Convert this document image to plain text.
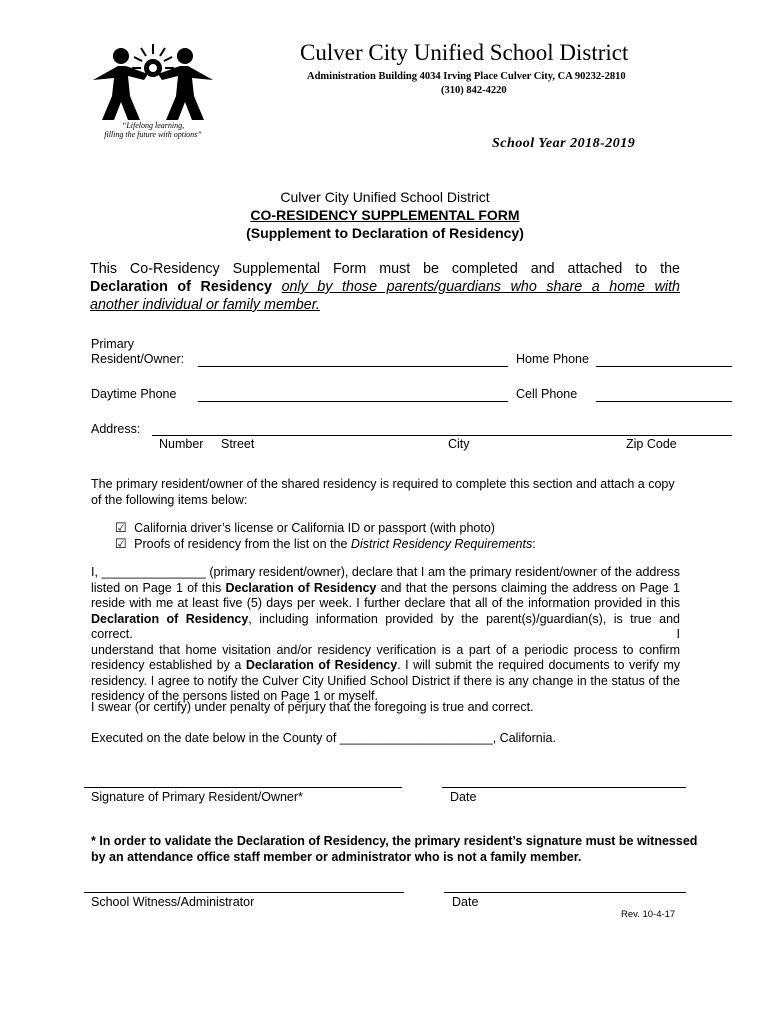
“Lifelong learning,
filling the future with options”
Culver City Unified School District
Administration Building 4034 Irving Place Culver City, CA 90232-2810
(310) 842-4220
School Year 2018-2019
Culver City Unified School District
CO-RESIDENCY SUPPLEMENTAL FORM
(Supplement to Declaration of Residency)
This Co-Residency Supplemental Form must be completed and attached to the
Declaration of Residency only by those parents/guardians who share a home with
another individual or family member.
Primary
Resident/Owner:	Home Phone
Daytime Phone	Cell Phone
Address:
Number Street	City	Zip Code
The primary resident/owner of the shared residency is required to complete this section and attach a copy
of the following items below:
☑ California driver’s license or California ID or passport (with photo)
☑ Proofs of residency from the list on the District Residency Requirements:
I, _______________ (primary resident/owner), declare that I am the primary resident/owner of the address
listed on Page 1 of this Declaration of Residency and that the persons claiming the address on Page 1
reside with me at least five (5) days per week. I further declare that all of the information provided in this
Declaration of Residency, including information provided by the parent(s)/guardian(s), is true and correct. I
understand that home visitation and/or residency verification is a part of a periodic process to confirm
residency established by a Declaration of Residency. I will submit the required documents to verify my
residency. I agree to notify the Culver City Unified School District if there is any change in the status of the
residency of the persons listed on Page 1 or myself.
I swear (or certify) under penalty of perjury that the foregoing is true and correct.
Executed on the date below in the County of ______________________, California.
Signature of Primary Resident/Owner*	Date
* In order to validate the Declaration of Residency, the primary resident’s signature must be witnessed
by an attendance office staff member or administrator who is not a family member.
School Witness/Administrator	Date
Rev. 10-4-17
